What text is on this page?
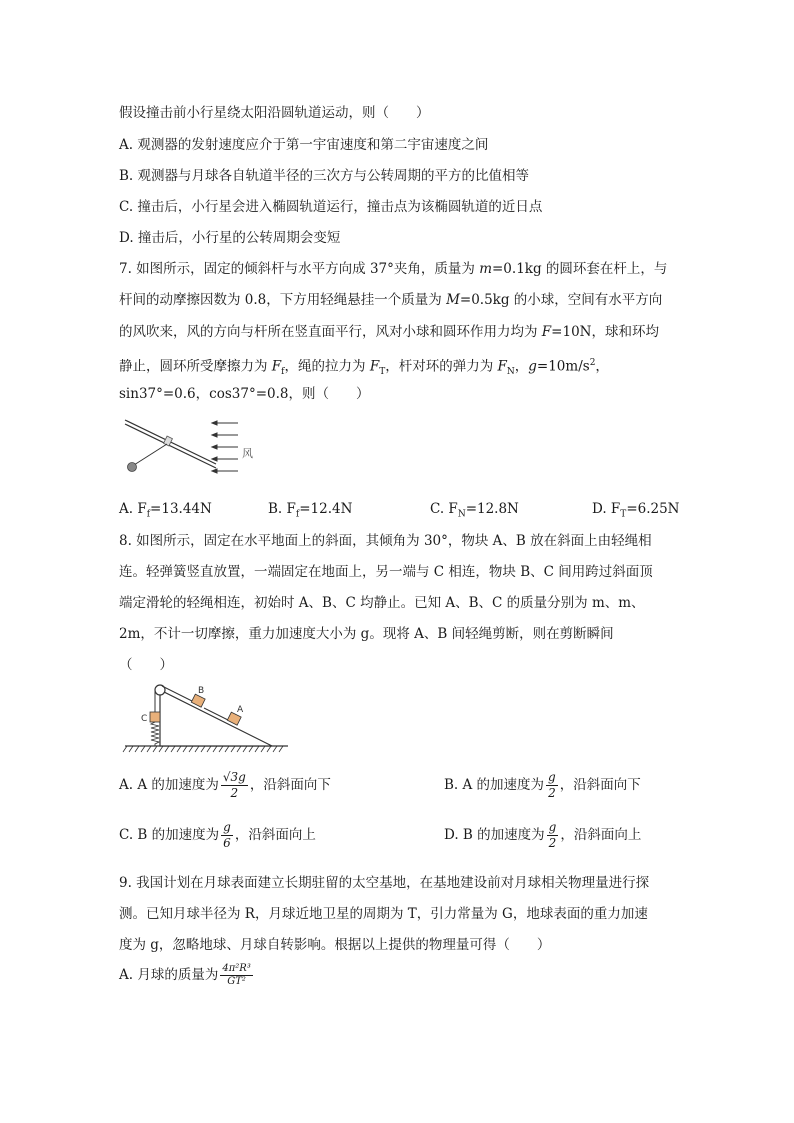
假设撞击前小行星绕太阳沿圆轨道运动，则（　　）
A. 观测器的发射速度应介于第一宇宙速度和第二宇宙速度之间
B. 观测器与月球各自轨道半径的三次方与公转周期的平方的比值相等
C. 撞击后，小行星会进入椭圆轨道运行，撞击点为该椭圆轨道的近日点
D. 撞击后，小行星的公转周期会变短
7. 如图所示，固定的倾斜杆与水平方向成 37°夹角，质量为 m=0.1kg 的圆环套在杆上，与
杆间的动摩擦因数为 0.8，下方用轻绳悬挂一个质量为 M=0.5kg 的小球，空间有水平方向
的风吹来，风的方向与杆所在竖直面平行，风对小球和圆环作用力均为 F=10N，球和环均
静止，圆环所受摩擦力为 $F_f$，绳的拉力为 $F_T$，杆对环的弹力为 $F_N$，$g=10m/s^2$，
sin37°=0.6，cos37°=0.8，则（　　）
风
A. $F_f=13.44N$	B. $F_f=12.4N$	C. $F_N=12.8N$	D. $F_T=6.25N$
8. 如图所示，固定在水平地面上的斜面，其倾角为 30°，物块 A、B 放在斜面上由轻绳相
连。轻弹簧竖直放置，一端固定在地面上，另一端与 C 相连，物块 B、C 间用跨过斜面顶
端定滑轮的轻绳相连，初始时 A、B、C 均静止。已知 A、B、C 的质量分别为 m、m、
2m，不计一切摩擦，重力加速度大小为 g。现将 A、B 间轻绳剪断，则在剪断瞬间
（　　）
B
A
C
A. A 的加速度为 $\frac{√3g}{2}$ ，沿斜面向下	B. A 的加速度为 $\frac{g}{2}$ ，沿斜面向下
C. B 的加速度为 $\frac{g}{6}$ ，沿斜面向上	D. B 的加速度为 $\frac{g}{2}$ ，沿斜面向上
9. 我国计划在月球表面建立长期驻留的太空基地，在基地建设前对月球相关物理量进行探
测。已知月球半径为 R，月球近地卫星的周期为 T，引力常量为 G，地球表面的重力加速
度为 g，忽略地球、月球自转影响。根据以上提供的物理量可得（　　）
A. 月球的质量为 $\frac{\text{4π²R³}}{\text{GT²}}$
